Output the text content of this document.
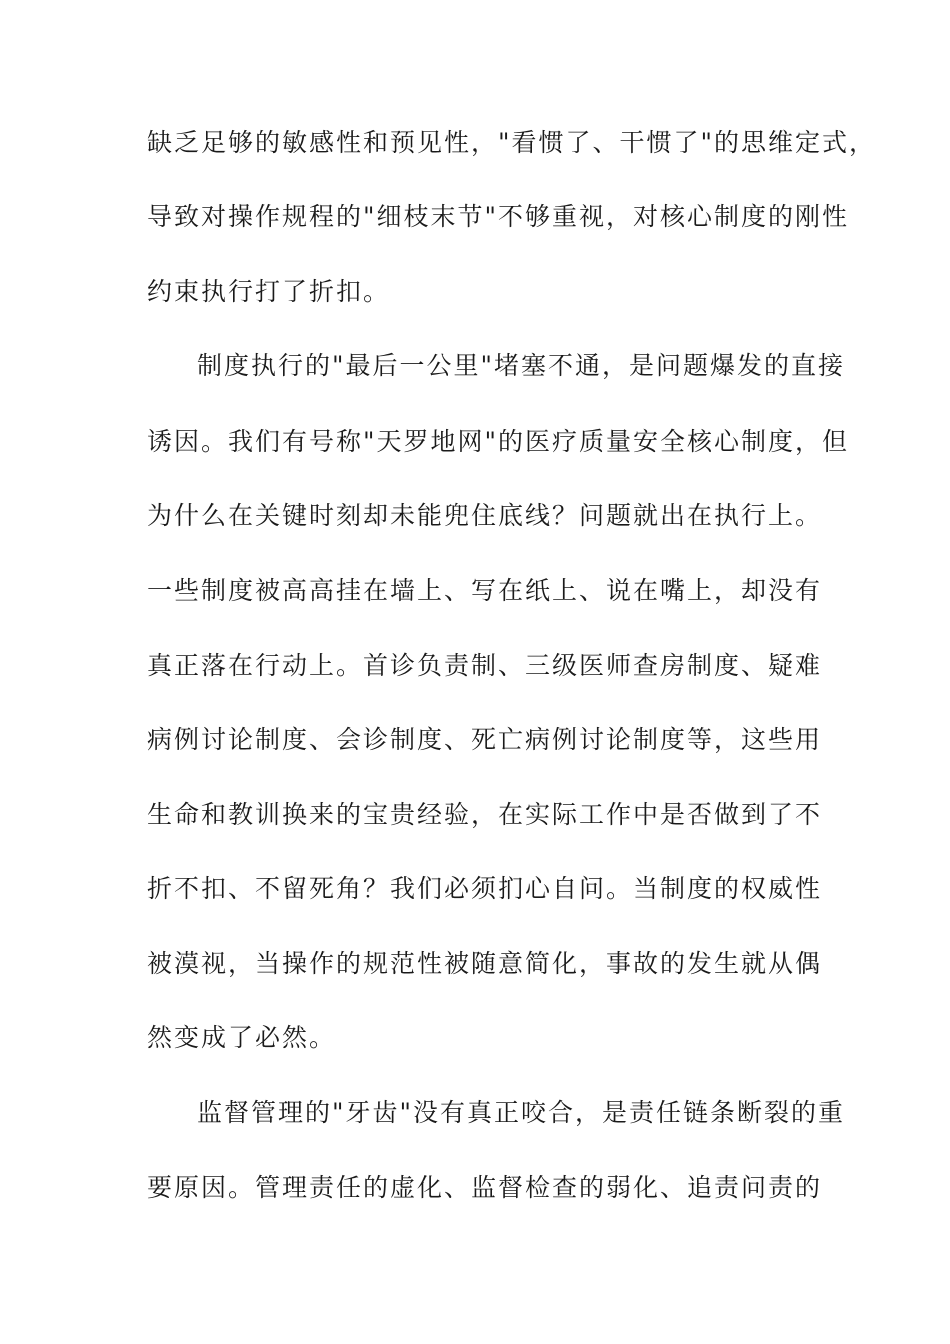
缺乏足够的敏感性和预见性，"看惯了、干惯了"的思维定式，
导致对操作规程的"细枝末节"不够重视，对核心制度的刚性
约束执行打了折扣。
制度执行的"最后一公里"堵塞不通，是问题爆发的直接
诱因。我们有号称"天罗地网"的医疗质量安全核心制度，但
为什么在关键时刻却未能兜住底线？问题就出在执行上。
一些制度被高高挂在墙上、写在纸上、说在嘴上，却没有
真正落在行动上。首诊负责制、三级医师查房制度、疑难
病例讨论制度、会诊制度、死亡病例讨论制度等，这些用
生命和教训换来的宝贵经验，在实际工作中是否做到了不
折不扣、不留死角？我们必须扪心自问。当制度的权威性
被漠视，当操作的规范性被随意简化，事故的发生就从偶
然变成了必然。
监督管理的"牙齿"没有真正咬合，是责任链条断裂的重
要原因。管理责任的虚化、监督检查的弱化、追责问责的
